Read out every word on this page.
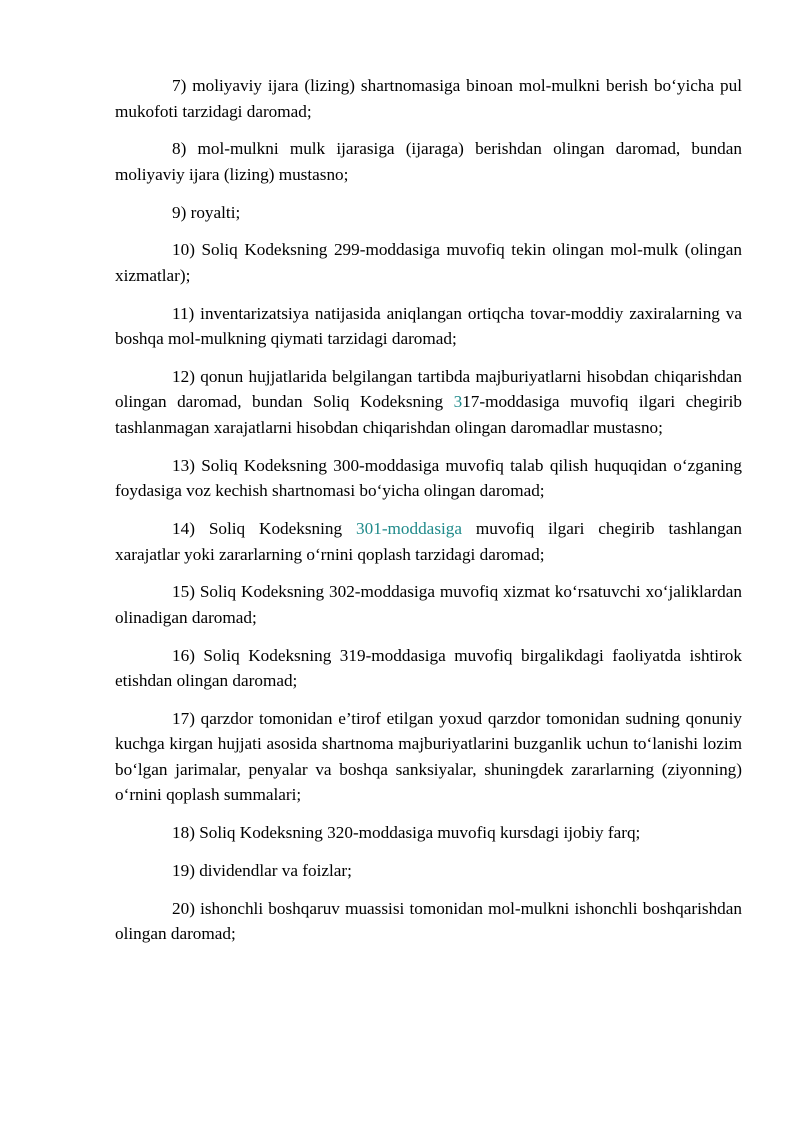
7) moliyaviy ijara (lizing) shartnomasiga binoan mol-mulkni berish bo‘yicha pul mukofoti tarzidagi daromad;

8) mol-mulkni mulk ijarasiga (ijaraga) berishdan olingan daromad, bundan moliyaviy ijara (lizing) mustasno;

9) royalti;

10) Soliq Kodeksning 299-moddasiga muvofiq tekin olingan mol-mulk (olingan xizmatlar);

11) inventarizatsiya natijasida aniqlangan ortiqcha tovar-moddiy zaxiralarning va boshqa mol-mulkning qiymati tarzidagi daromad;

12) qonun hujjatlarida belgilangan tartibda majburiyatlarni hisobdan chiqarishdan olingan daromad, bundan Soliq Kodeksning 317-moddasiga muvofiq ilgari chegirib tashlanmagan xarajatlarni hisobdan chiqarishdan olingan daromadlar mustasno;

13) Soliq Kodeksning 300-moddasiga muvofiq talab qilish huquqidan o‘zganing foydasiga voz kechish shartnomasi bo‘yicha olingan daromad;

14) Soliq Kodeksning 301-moddasiga muvofiq ilgari chegirib tashlangan xarajatlar yoki zararlarning o‘rnini qoplash tarzidagi daromad;

15) Soliq Kodeksning 302-moddasiga muvofiq xizmat ko‘rsatuvchi xo‘jaliklardan olinadigan daromad;

16) Soliq Kodeksning 319-moddasiga muvofiq birgalikdagi faoliyatda ishtirok etishdan olingan daromad;

17) qarzdor tomonidan e’tirof etilgan yoxud qarzdor tomonidan sudning qonuniy kuchga kirgan hujjati asosida shartnoma majburiyatlarini buzganlik uchun to‘lanishi lozim bo‘lgan jarimalar, penyalar va boshqa sanksiyalar, shuningdek zararlarning (ziyonning) o‘rnini qoplash summalari;

18) Soliq Kodeksning 320-moddasiga muvofiq kursdagi ijobiy farq;

19) dividendlar va foizlar;

20) ishonchli boshqaruv muassisi tomonidan mol-mulkni ishonchli boshqarishdan olingan daromad;
